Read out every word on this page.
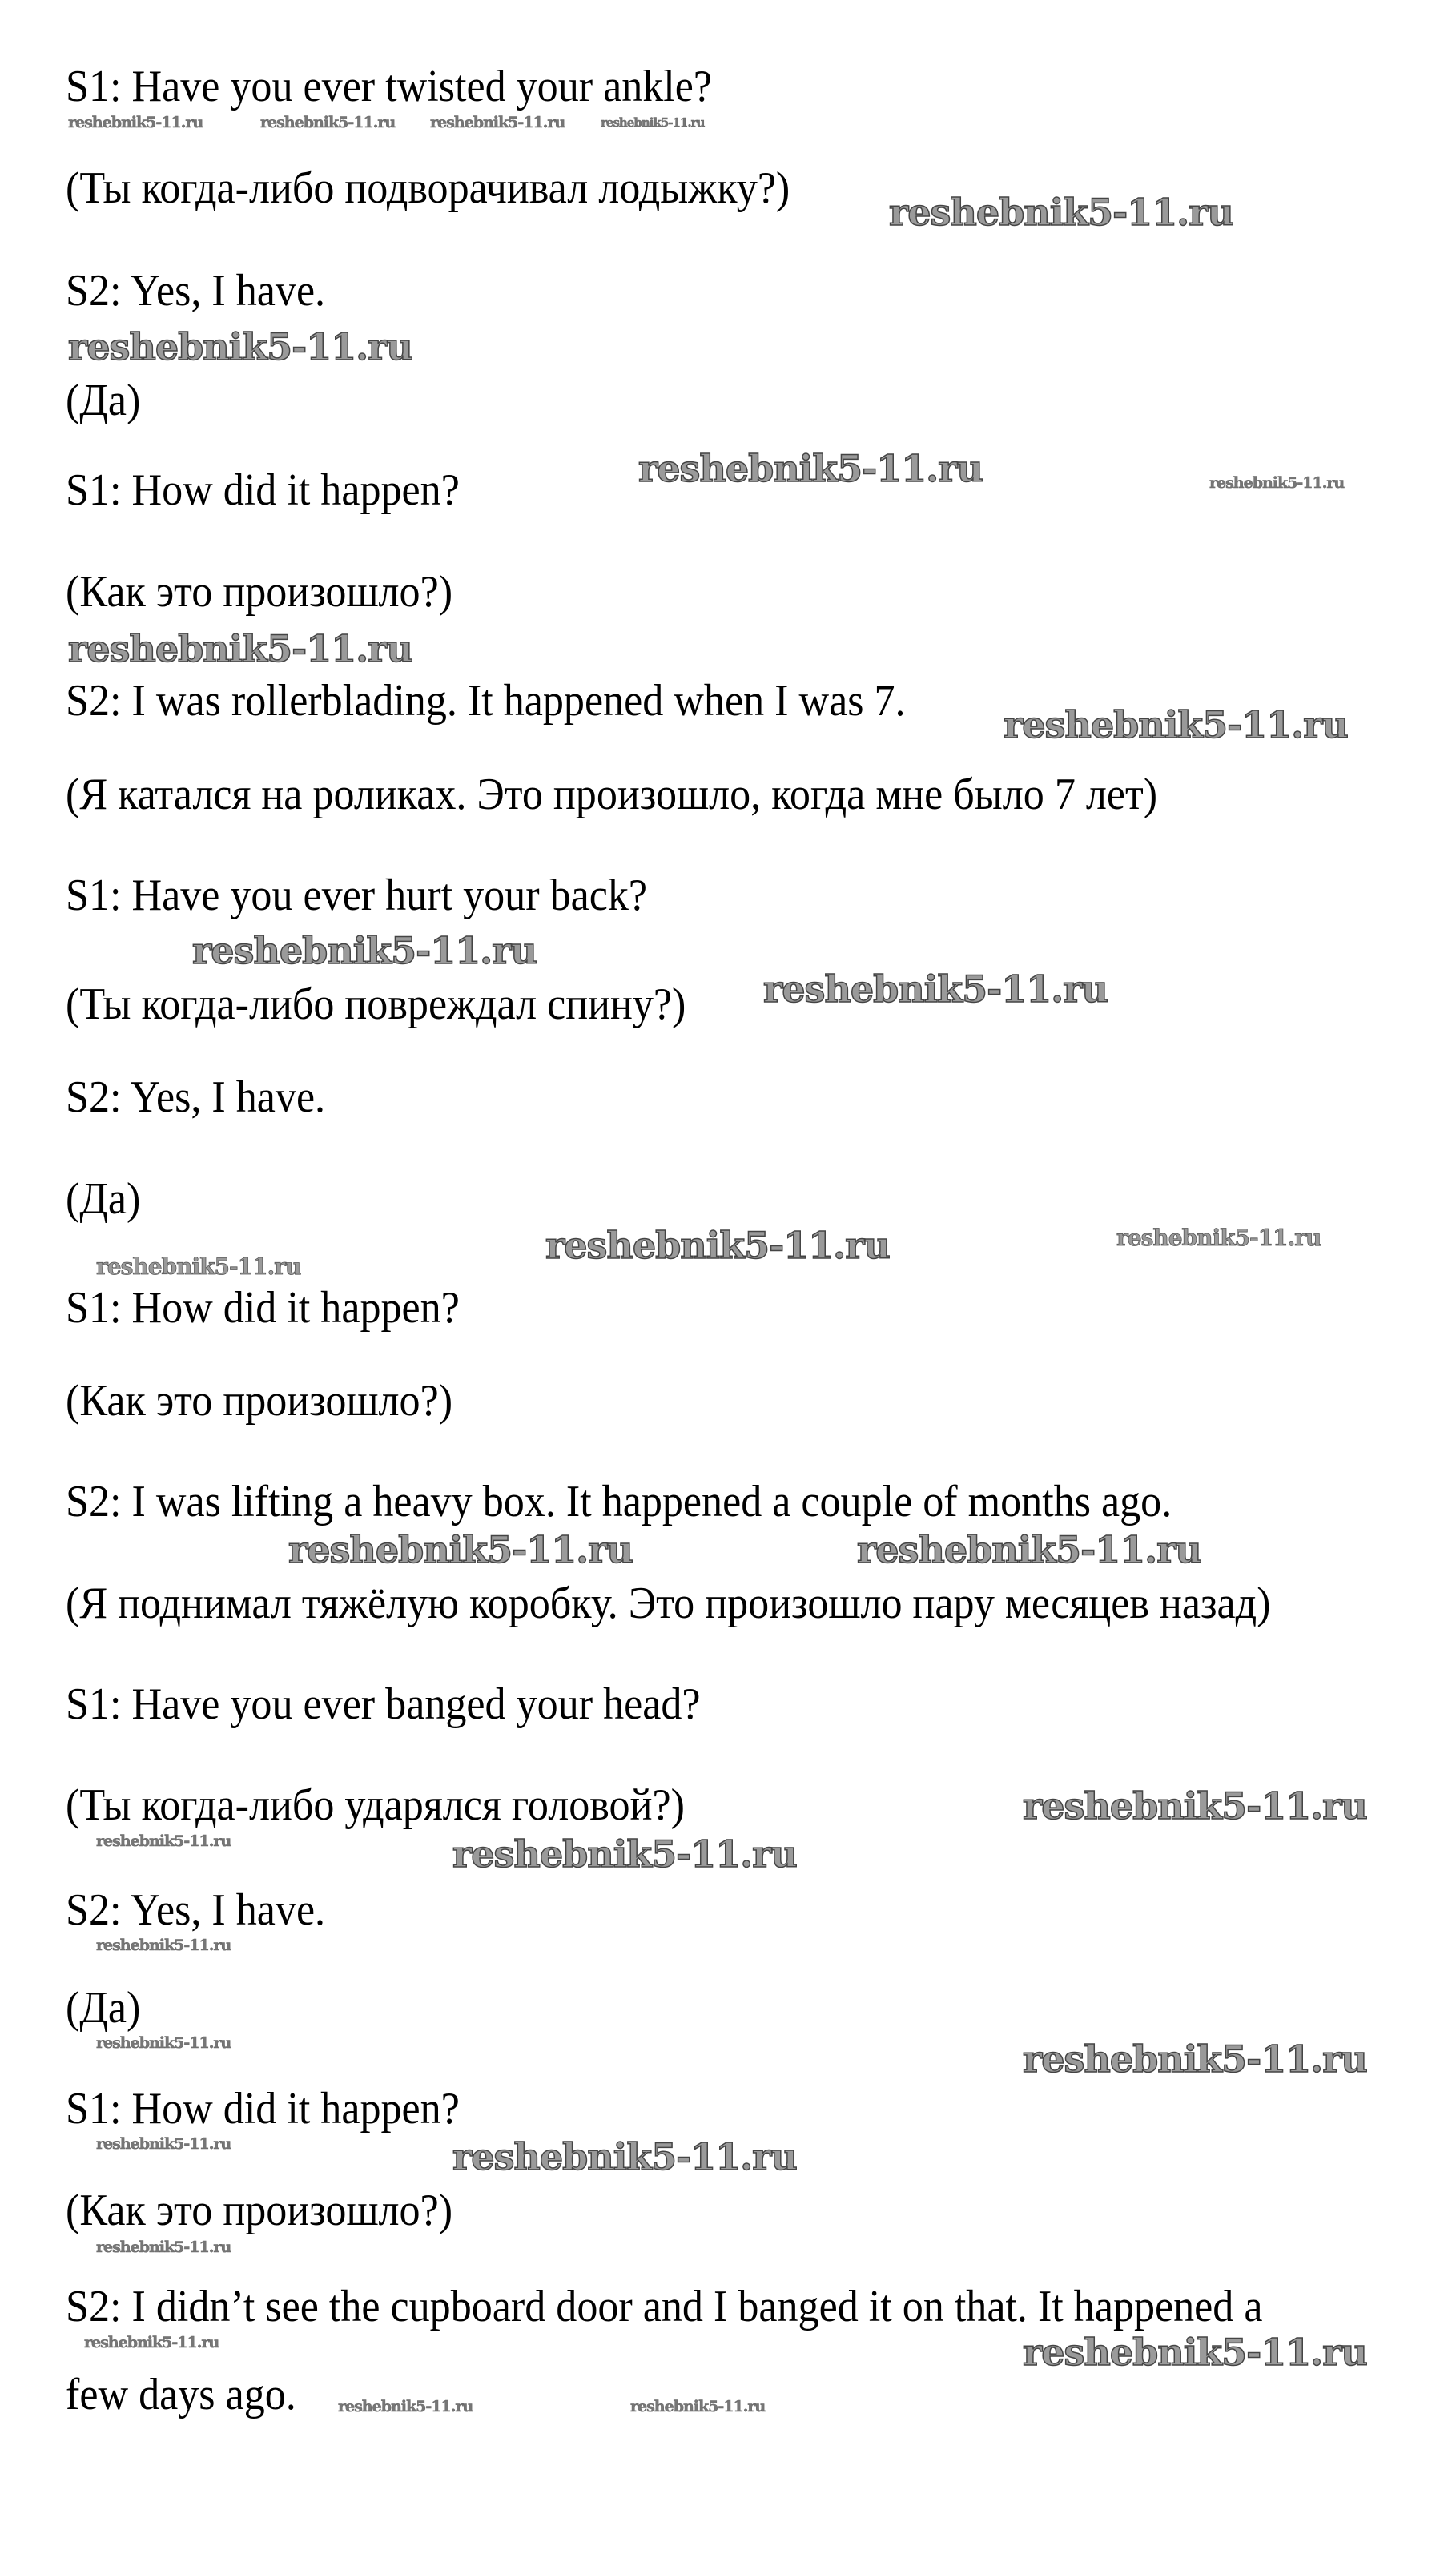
S1: Have you ever twisted your ankle?

(Ты когда-либо подворачивал лодыжку?)

S2: Yes, I have.

(Да)

S1: How did it happen?

(Как это произошло?)

S2: I was rollerblading. It happened when I was 7.

(Я катался на роликах. Это произошло, когда мне было 7 лет)

S1: Have you ever hurt your back?

(Ты когда-либо повреждал спину?)

S2: Yes, I have.

(Да)

S1: How did it happen?

(Как это произошло?)

S2: I was lifting a heavy box. It happened a couple of months ago.

(Я поднимал тяжёлую коробку. Это произошло пару месяцев назад)

S1: Have you ever banged your head?

(Ты когда-либо ударялся головой?)

S2: Yes, I have.

(Да)

S1: How did it happen?

(Как это произошло?)

S2: I didn’t see the cupboard door and I banged it on that. It happened a

few days ago.

reshebnik5-11.ru	reshebnik5-11.ru reshebnik5-11.ru	reshebnik5-11.ru
reshebnik5-11.ru
reshebnik5-11.ru
reshebnik5-11.ru	reshebnik5-11.ru
reshebnik5-11.ru
reshebnik5-11.ru
reshebnik5-11.ru
reshebnik5-11.ru
reshebnik5-11.ru	reshebnik5-11.ru
reshebnik5-11.ru
reshebnik5-11.ru	reshebnik5-11.ru
reshebnik5-11.ru
reshebnik5-11.ru	reshebnik5-11.ru
reshebnik5-11.ru
reshebnik5-11.ru	reshebnik5-11.ru
reshebnik5-11.ru	reshebnik5-11.ru
reshebnik5-11.ru
reshebnik5-11.ru	reshebnik5-11.ru
reshebnik5-11.ru	reshebnik5-11.ru
